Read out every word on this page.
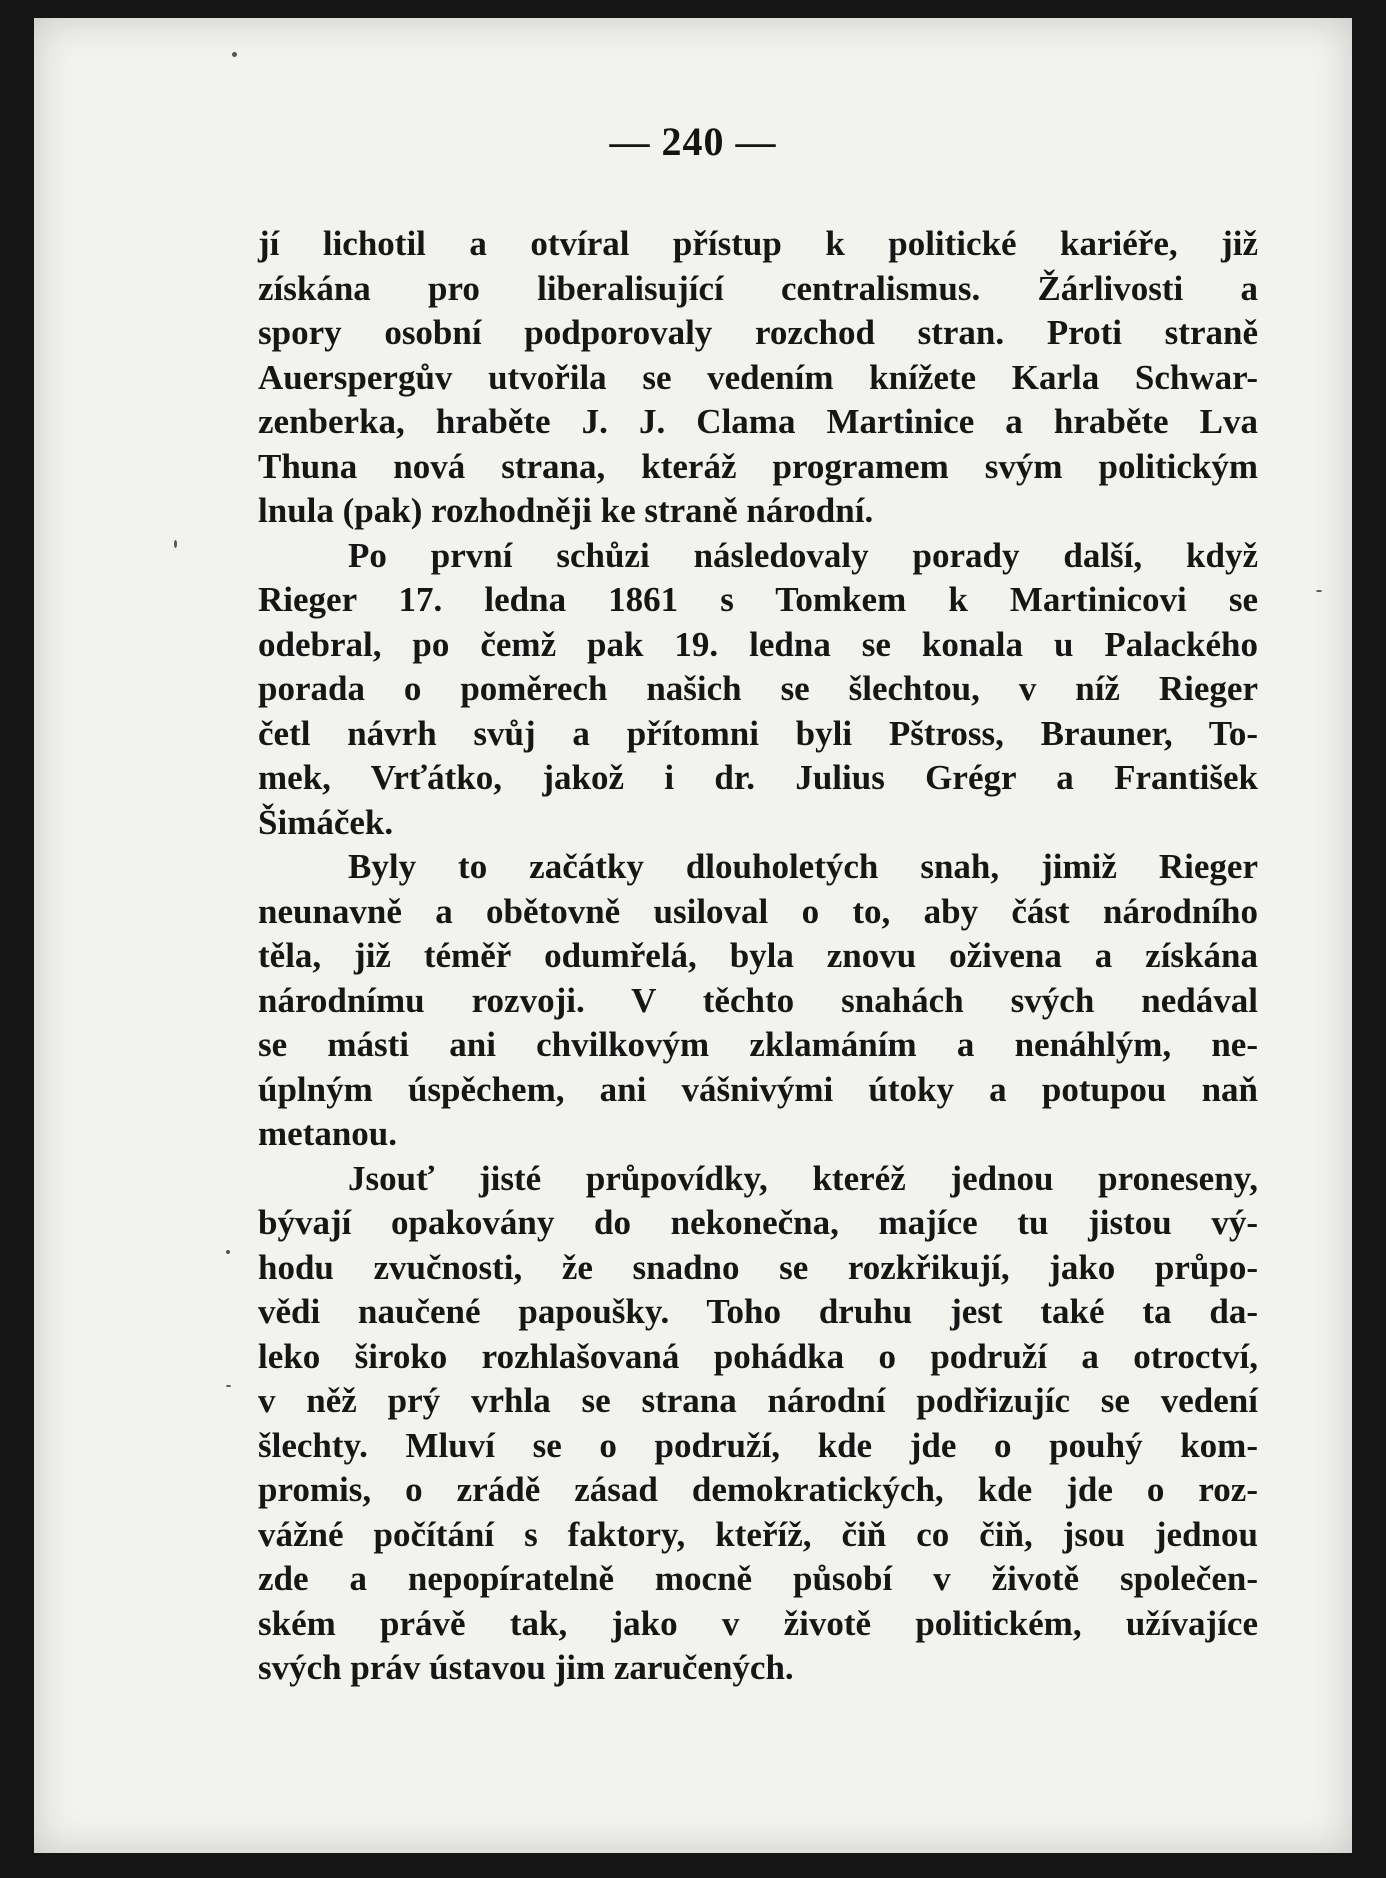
— 240 —
jí lichotil a otvíral přístup k politické kariéře, již
získána pro liberalisující centralismus. Žárlivosti a
spory osobní podporovaly rozchod stran. Proti straně
Auerspergův utvořila se vedením knížete Karla Schwar-
zenberka, hraběte J. J. Clama Martinice a hraběte Lva
Thuna nová strana, kteráž programem svým politickým
lnula (pak) rozhodněji ke straně národní.
Po první schůzi následovaly porady další, když
Rieger 17. ledna 1861 s Tomkem k Martinicovi se
odebral, po čemž pak 19. ledna se konala u Palackého
porada o poměrech našich se šlechtou, v níž Rieger
četl návrh svůj a přítomni byli Pštross, Brauner, To-
mek, Vrťátko, jakož i dr. Julius Grégr a František
Šimáček.
Byly to začátky dlouholetých snah, jimiž Rieger
neunavně a obětovně usiloval o to, aby část národního
těla, již téměř odumřelá, byla znovu oživena a získána
národnímu rozvoji. V těchto snahách svých nedával
se másti ani chvilkovým zklamáním a nenáhlým, ne-
úplným úspěchem, ani vášnivými útoky a potupou naň
metanou.
Jsouť jisté průpovídky, kteréž jednou proneseny,
bývají opakovány do nekonečna, majíce tu jistou vý-
hodu zvučnosti, že snadno se rozkřikují, jako průpo-
vědi naučené papoušky. Toho druhu jest také ta da-
leko široko rozhlašovaná pohádka o podruží a otroctví,
v něž prý vrhla se strana národní podřizujíc se vedení
šlechty. Mluví se o podruží, kde jde o pouhý kom-
promis, o zrádě zásad demokratických, kde jde o roz-
vážné počítání s faktory, kteříž, čiň co čiň, jsou jednou
zde a nepopíratelně mocně působí v životě společen-
ském právě tak, jako v životě politickém, užívajíce
svých práv ústavou jim zaručených.
